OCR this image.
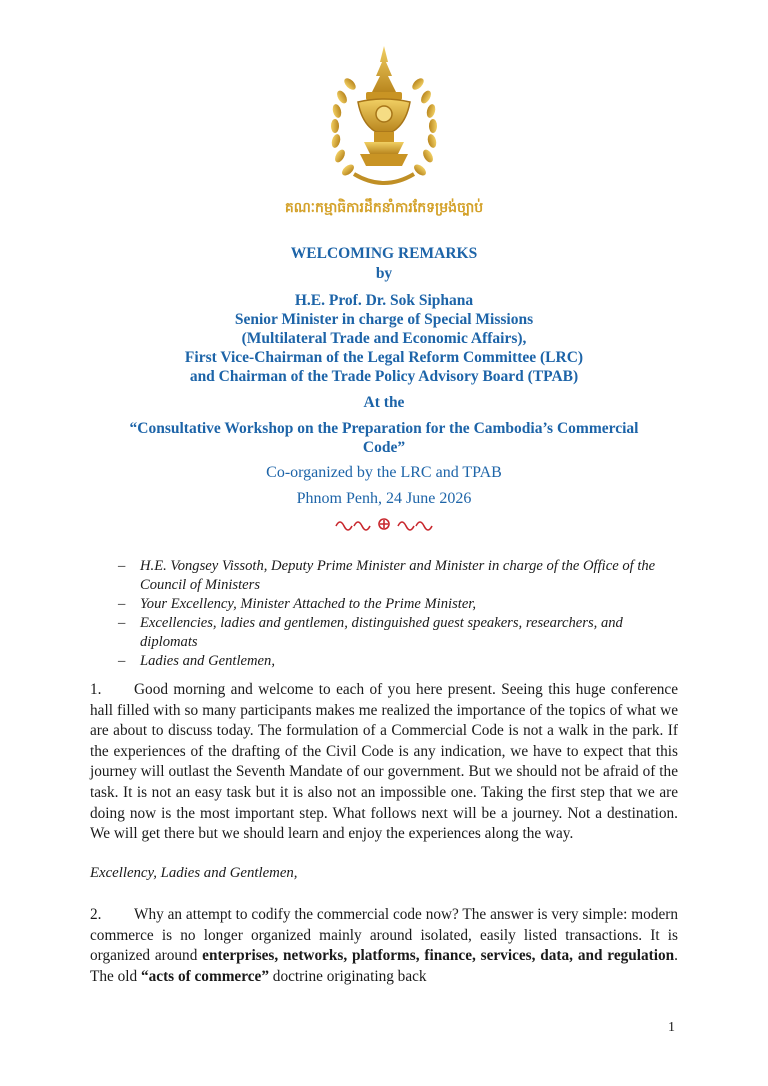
គណៈកម្មាធិការដឹកនាំការកែទម្រង់ច្បាប់
WELCOMING REMARKS
by
H.E. Prof. Dr. Sok Siphana
Senior Minister in charge of Special Missions
(Multilateral Trade and Economic Affairs),
First Vice-Chairman of the Legal Reform Committee (LRC)
and Chairman of the Trade Policy Advisory Board (TPAB)
At the
“Consultative Workshop on the Preparation for the Cambodia’s Commercial
Code”
Co-organized by the LRC and TPAB
Phnom Penh, 24 June 2026
– H.E. Vongsey Vissoth, Deputy Prime Minister and Minister in charge of the Office of the Council of Ministers
– Your Excellency, Minister Attached to the Prime Minister,
– Excellencies, ladies and gentlemen, distinguished guest speakers, researchers, and diplomats
– Ladies and Gentlemen,

1. Good morning and welcome to each of you here present. Seeing this huge conference hall filled with so many participants makes me realized the importance of the topics of what we are about to discuss today. The formulation of a Commercial Code is not a walk in the park. If the experiences of the drafting of the Civil Code is any indication, we have to expect that this journey will outlast the Seventh Mandate of our government. But we should not be afraid of the task. It is not an easy task but it is also not an impossible one. Taking the first step that we are doing now is the most important step. What follows next will be a journey. Not a destination. We will get there but we should learn and enjoy the experiences along the way.

Excellency, Ladies and Gentlemen,

2. Why an attempt to codify the commercial code now? The answer is very simple: modern commerce is no longer organized mainly around isolated, easily listed transactions. It is organized around enterprises, networks, platforms, finance, services, data, and regulation. The old “acts of commerce” doctrine originating back

1
